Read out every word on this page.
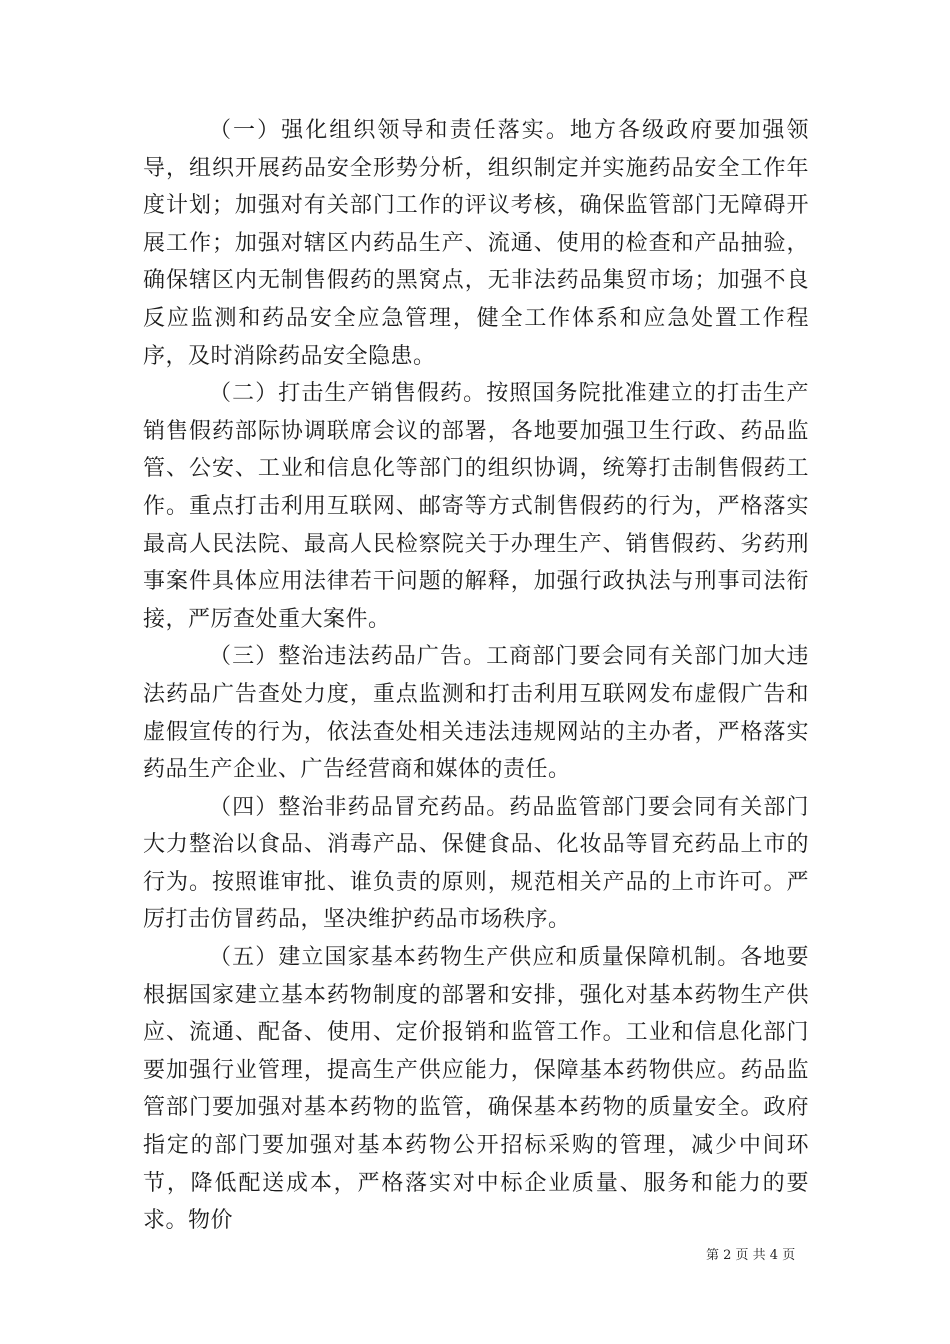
（一）强化组织领导和责任落实。地方各级政府要加强领导，组织开展药品安全形势分析，组织制定并实施药品安全工作年度计划；加强对有关部门工作的评议考核，确保监管部门无障碍开展工作；加强对辖区内药品生产、流通、使用的检查和产品抽验，确保辖区内无制售假药的黑窝点，无非法药品集贸市场；加强不良反应监测和药品安全应急管理，健全工作体系和应急处置工作程序，及时消除药品安全隐患。

（二）打击生产销售假药。按照国务院批准建立的打击生产销售假药部际协调联席会议的部署，各地要加强卫生行政、药品监管、公安、工业和信息化等部门的组织协调，统筹打击制售假药工作。重点打击利用互联网、邮寄等方式制售假药的行为，严格落实最高人民法院、最高人民检察院关于办理生产、销售假药、劣药刑事案件具体应用法律若干问题的解释，加强行政执法与刑事司法衔接，严厉查处重大案件。

（三）整治违法药品广告。工商部门要会同有关部门加大违法药品广告查处力度，重点监测和打击利用互联网发布虚假广告和虚假宣传的行为，依法查处相关违法违规网站的主办者，严格落实药品生产企业、广告经营商和媒体的责任。

（四）整治非药品冒充药品。药品监管部门要会同有关部门大力整治以食品、消毒产品、保健食品、化妆品等冒充药品上市的行为。按照谁审批、谁负责的原则，规范相关产品的上市许可。严厉打击仿冒药品，坚决维护药品市场秩序。

（五）建立国家基本药物生产供应和质量保障机制。各地要根据国家建立基本药物制度的部署和安排，强化对基本药物生产供应、流通、配备、使用、定价报销和监管工作。工业和信息化部门要加强行业管理，提高生产供应能力，保障基本药物供应。药品监管部门要加强对基本药物的监管，确保基本药物的质量安全。政府指定的部门要加强对基本药物公开招标采购的管理，减少中间环节，降低配送成本，严格落实对中标企业质量、服务和能力的要求。物价

第 2 页 共 4 页
